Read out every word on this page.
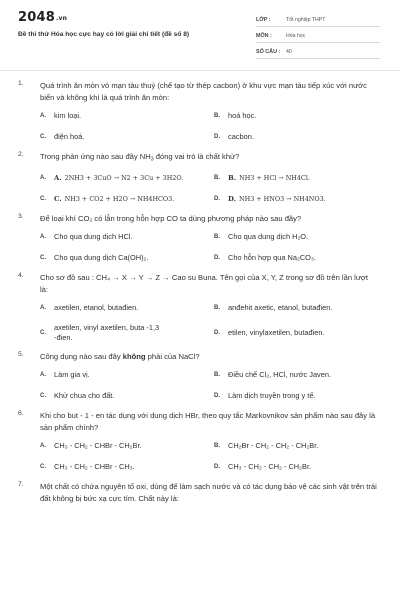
2048.vn
Đề thi thử Hóa học cực hay có lời giải chi tiết (đề số 8)
LỚP :	Tốt nghiệp THPT
MÔN :	Hóa học
SỐ CÂU :	40
1. Quá trình ăn mòn vỏ mạn tàu thuỷ (chế tạo từ thép cacbon) ở khu vực mạn tàu tiếp xúc với nước biển và không khí là quá trình ăn mòn:
A.	kim loại.	B.	hoá học.
C.	điện hoá.	D.	cacbon.
2. Trong phản ứng nào sau đây $NH_3$ đóng vai trò là chất khử?
A.	A. 2NH3 + 3CuO → N2 + 3Cu + 3H2O.	B.	B. NH3 + HCl → NH4Cl.
C.	C. NH3 + CO2 + H2O → NH4HCO3.	D.	D. NH3 + HNO3 → NH4NO3.
3. Để loại khí CO₂ có lẫn trong hỗn hợp CO ta dùng phương pháp nào sau đây?
A.	Cho qua dung dịch HCl.	B.	Cho qua dung dịch H₂O.
C.	Cho qua dung dịch Ca(OH)₂.	D.	Cho hỗn hợp qua Na₂CO₃.
4. Cho sơ đồ sau : CH₄ → X → Y → Z → Cao su Buna. Tên gọi của X, Y, Z trong sơ đồ trên lần lượt là:
A.	axetilen, etanol, butađien.	B.	anđehit axetic, etanol, butađien.
C.
axetilen, vinyl axetilen, buta -1,3 -đien.	D.	etilen, vinylaxetilen, butađien.
5. Công dụng nào sau đây không phải của NaCl?
A.	Làm gia vị.	B.	Điều chế Cl₂, HCl, nước Javen.
C.	Khử chua cho đất.	D.	Làm dịch truyền trong y tế.
6. Khi cho but - 1 - en tác dụng với dung dịch HBr, theo quy tắc Markovnikov sản phẩm nào sau đây là sản phẩm chính?
A.	CH₃ - CH₂ - CHBr - CH₂Br.	B.	CH₂Br - CH₂ - CH₂ - CH₂Br.
C.	CH₃ - CH₂ - CHBr - CH₃.	D.	CH₃ - CH₂ - CH₂ - CH₂Br.
7. Một chất có chứa nguyên tố oxi, dùng để làm sạch nước và có tác dụng bảo vệ các sinh vật trên trái đất không bị bức xạ cực tím. Chất này là:
